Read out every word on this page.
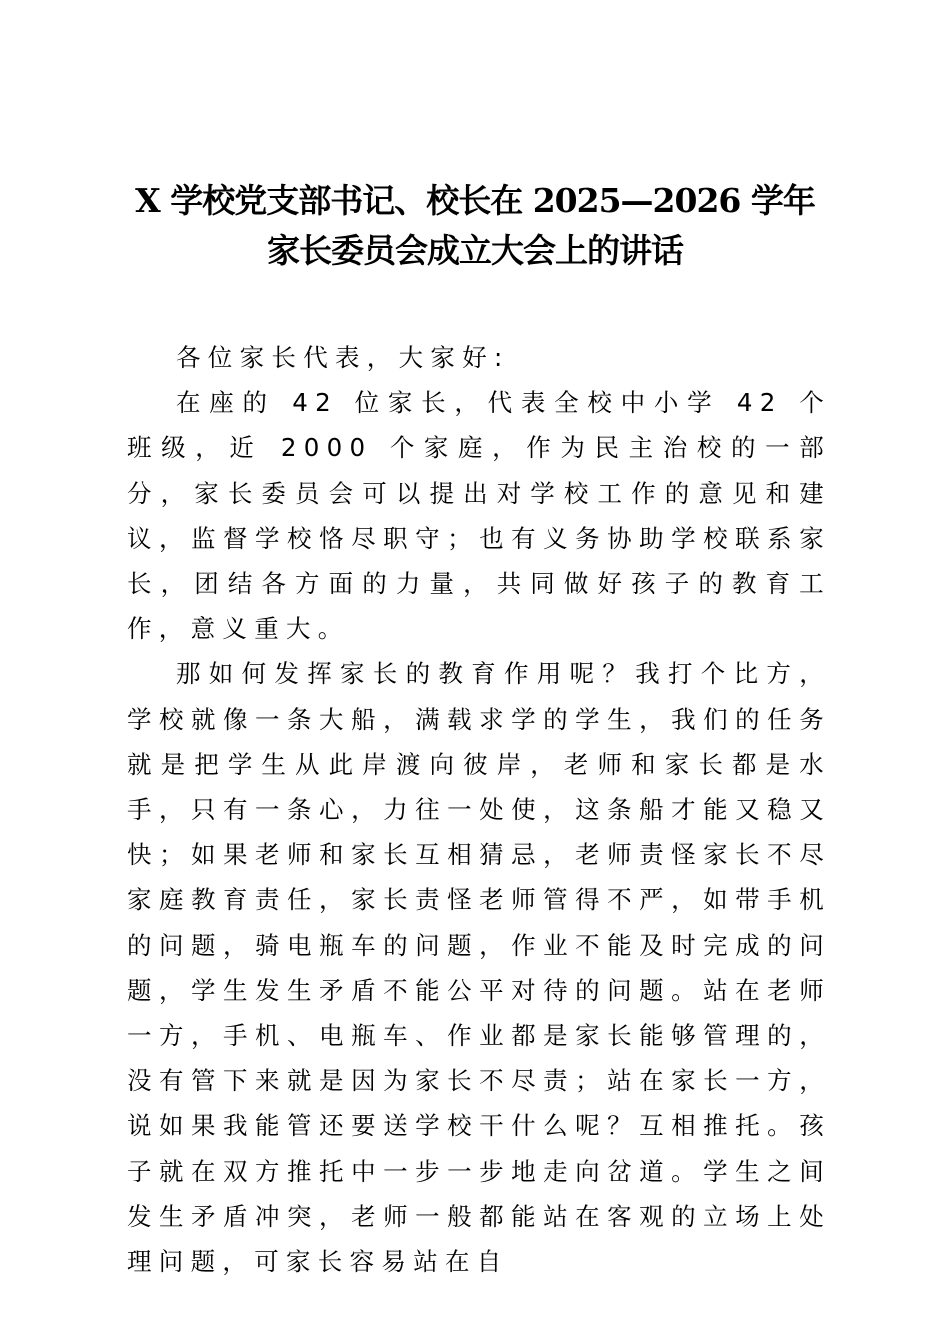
X 学校党支部书记、校长在 2025—2026 学年
家长委员会成立大会上的讲话

各位家长代表，大家好:

在座的 42 位家长，代表全校中小学 42 个班级，近 2000 个家庭，作为民主治校的一部分，家长委员会可以提出对学校工作的意见和建议，监督学校恪尽职守；也有义务协助学校联系家长，团结各方面的力量，共同做好孩子的教育工作，意义重大。

那如何发挥家长的教育作用呢？我打个比方，学校就像一条大船，满载求学的学生，我们的任务就是把学生从此岸渡向彼岸，老师和家长都是水手，只有一条心，力往一处使，这条船才能又稳又快；如果老师和家长互相猜忌，老师责怪家长不尽家庭教育责任，家长责怪老师管得不严，如带手机的问题，骑电瓶车的问题，作业不能及时完成的问题，学生发生矛盾不能公平对待的问题。站在老师一方，手机、电瓶车、作业都是家长能够管理的，没有管下来就是因为家长不尽责；站在家长一方，说如果我能管还要送学校干什么呢？互相推托。孩子就在双方推托中一步一步地走向岔道。学生之间发生矛盾冲突，老师一般都能站在客观的立场上处理问题，可家长容易站在自
